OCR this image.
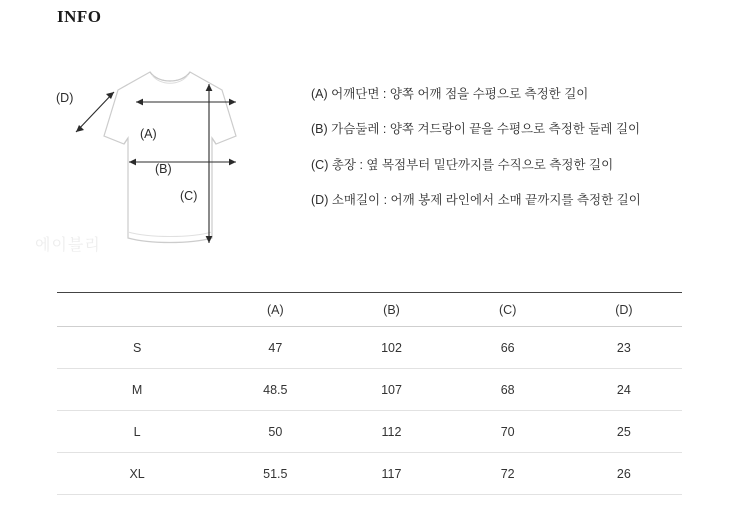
INFO
(A)
(B)
(C)
(D)
에이블리
(A) 어깨단면 : 양쪽 어깨 점을 수평으로 측정한 길이
(B) 가슴둘레 : 양쪽 겨드랑이 끝을 수평으로 측정한 둘레 길이
(C) 총장 : 옆 목점부터 밑단까지를 수직으로 측정한 길이
(D) 소매길이 : 어깨 봉제 라인에서 소매 끝까지를 측정한 길이
	(A)	(B)	(C)	(D)
S	47	102	66	23
M	48.5	107	68	24
L	50	112	70	25
XL	51.5	117	72	26
